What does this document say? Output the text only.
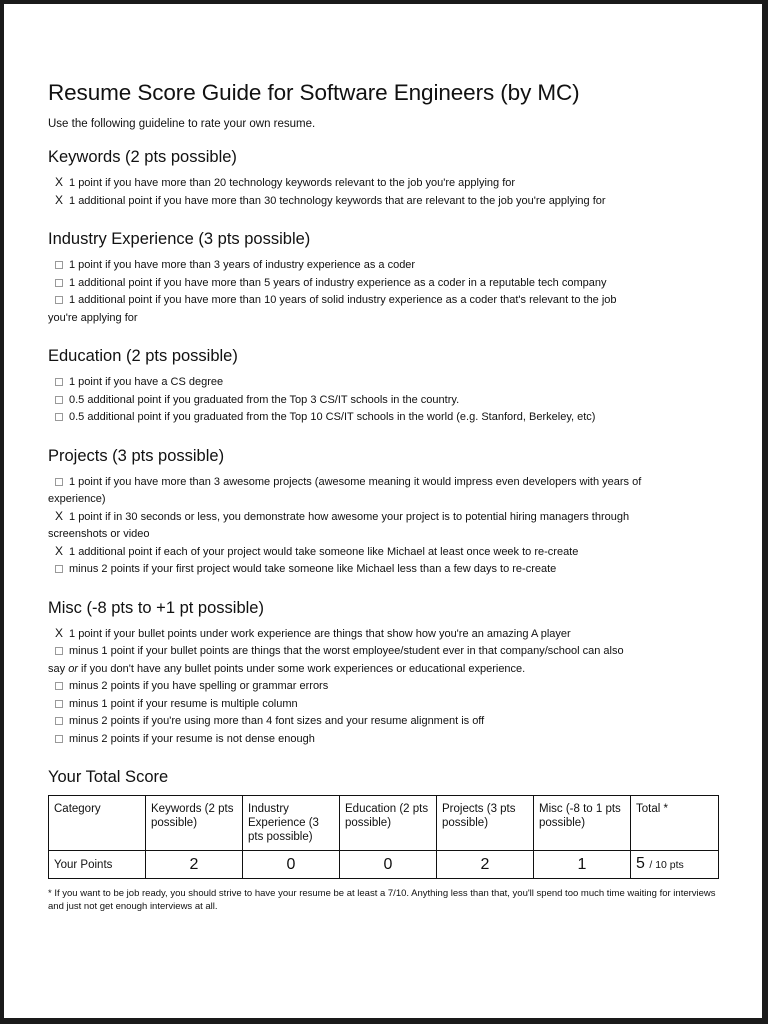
Resume Score Guide for Software Engineers (by MC)

Use the following guideline to rate your own resume.

Keywords (2 pts possible)
X 1 point if you have more than 20 technology keywords relevant to the job you're applying for
X 1 additional point if you have more than 30 technology keywords that are relevant to the job you're applying for
Industry Experience (3 pts possible)
1 point if you have more than 3 years of industry experience as a coder
1 additional point if you have more than 5 years of industry experience as a coder in a reputable tech company
1 additional point if you have more than 10 years of solid industry experience as a coder that's relevant to the job
you're applying for
Education (2 pts possible)
1 point if you have a CS degree
0.5 additional point if you graduated from the Top 3 CS/IT schools in the country.
0.5 additional point if you graduated from the Top 10 CS/IT schools in the world (e.g. Stanford, Berkeley, etc)
Projects (3 pts possible)
1 point if you have more than 3 awesome projects (awesome meaning it would impress even developers with years of
experience)
X 1 point if in 30 seconds or less, you demonstrate how awesome your project is to potential hiring managers through
screenshots or video
X 1 additional point if each of your project would take someone like Michael at least once week to re-create
minus 2 points if your first project would take someone like Michael less than a few days to re-create
Misc (-8 pts to +1 pt possible)
X 1 point if your bullet points under work experience are things that show how you're an amazing A player
minus 1 point if your bullet points are things that the worst employee/student ever in that company/school can also
say or if you don't have any bullet points under some work experiences or educational experience.
minus 2 points if you have spelling or grammar errors
minus 1 point if your resume is multiple column
minus 2 points if you're using more than 4 font sizes and your resume alignment is off
minus 2 points if your resume is not dense enough
Your Total Score
Category	Keywords (2 pts possible)	Industry Experience (3 pts possible)	Education (2 pts possible)	Projects (3 pts possible)	Misc (-8 to 1 pts possible)	Total *
Your Points	2	0	0	2	1	5 / 10 pts

* If you want to be job ready, you should strive to have your resume be at least a 7/10. Anything less than that, you'll spend too much time waiting for interviews and just not get enough interviews at all.
